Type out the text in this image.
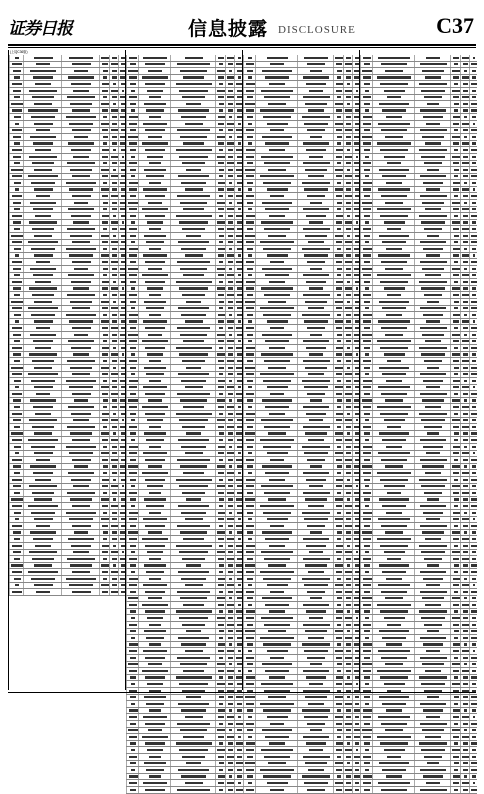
证券日报	信息披露 DISCLOSURE	C37
(上接C36版)
